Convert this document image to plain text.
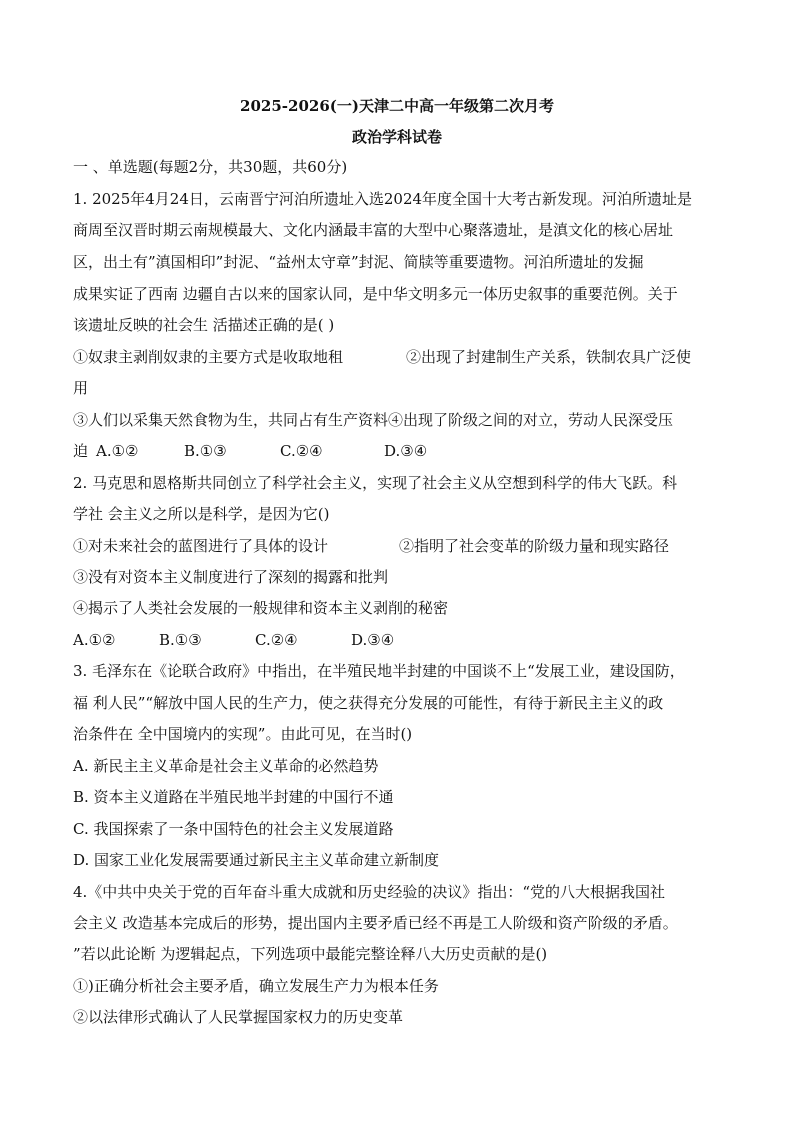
2025-2026(一)天津二中高一年级第二次月考
政治学科试卷
一 、单选题(每题2分，共30题，共60分)
1. 2025年4月24日，云南晋宁河泊所遗址入选2024年度全国十大考古新发现。河泊所遗址是
商周至汉晋时期云南规模最大、文化内涵最丰富的大型中心聚落遗址，是滇文化的核心居址
区，出土有”滇国相印”封泥、“益州太守章”封泥、简牍等重要遗物。河泊所遗址的发掘
成果实证了西南 边疆自古以来的国家认同，是中华文明多元一体历史叙事的重要范例。关于
该遗址反映的社会生 活描述正确的是( )
①奴隶主剥削奴隶的主要方式是收取地租	②出现了封建制生产关系，铁制农具广泛使
用
③人们以采集天然食物为生，共同占有生产资料④出现了阶级之间的对立，劳动人民深受压
迫 A.①②	B.①③	C.②④	D.③④
2. 马克思和恩格斯共同创立了科学社会主义，实现了社会主义从空想到科学的伟大飞跃。科
学社 会主义之所以是科学，是因为它()
①对未来社会的蓝图进行了具体的设计	②指明了社会变革的阶级力量和现实路径
③没有对资本主义制度进行了深刻的揭露和批判
④揭示了人类社会发展的一般规律和资本主义剥削的秘密
A.①②	B.①③	C.②④	D.③④
3. 毛泽东在《论联合政府》中指出，在半殖民地半封建的中国谈不上“发展工业，建设国防，
福 利人民”“解放中国人民的生产力，使之获得充分发展的可能性，有待于新民主主义的政
治条件在 全中国境内的实现”。由此可见，在当时()
A. 新民主主义革命是社会主义革命的必然趋势
B. 资本主义道路在半殖民地半封建的中国行不通
C. 我国探索了一条中国特色的社会主义发展道路
D. 国家工业化发展需要通过新民主主义革命建立新制度
4.《中共中央关于党的百年奋斗重大成就和历史经验的决议》指出：“党的八大根据我国社
会主义 改造基本完成后的形势，提出国内主要矛盾已经不再是工人阶级和资产阶级的矛盾。
”若以此论断 为逻辑起点，下列选项中最能完整诠释八大历史贡献的是()
①)正确分析社会主要矛盾，确立发展生产力为根本任务
②以法律形式确认了人民掌握国家权力的历史变革
